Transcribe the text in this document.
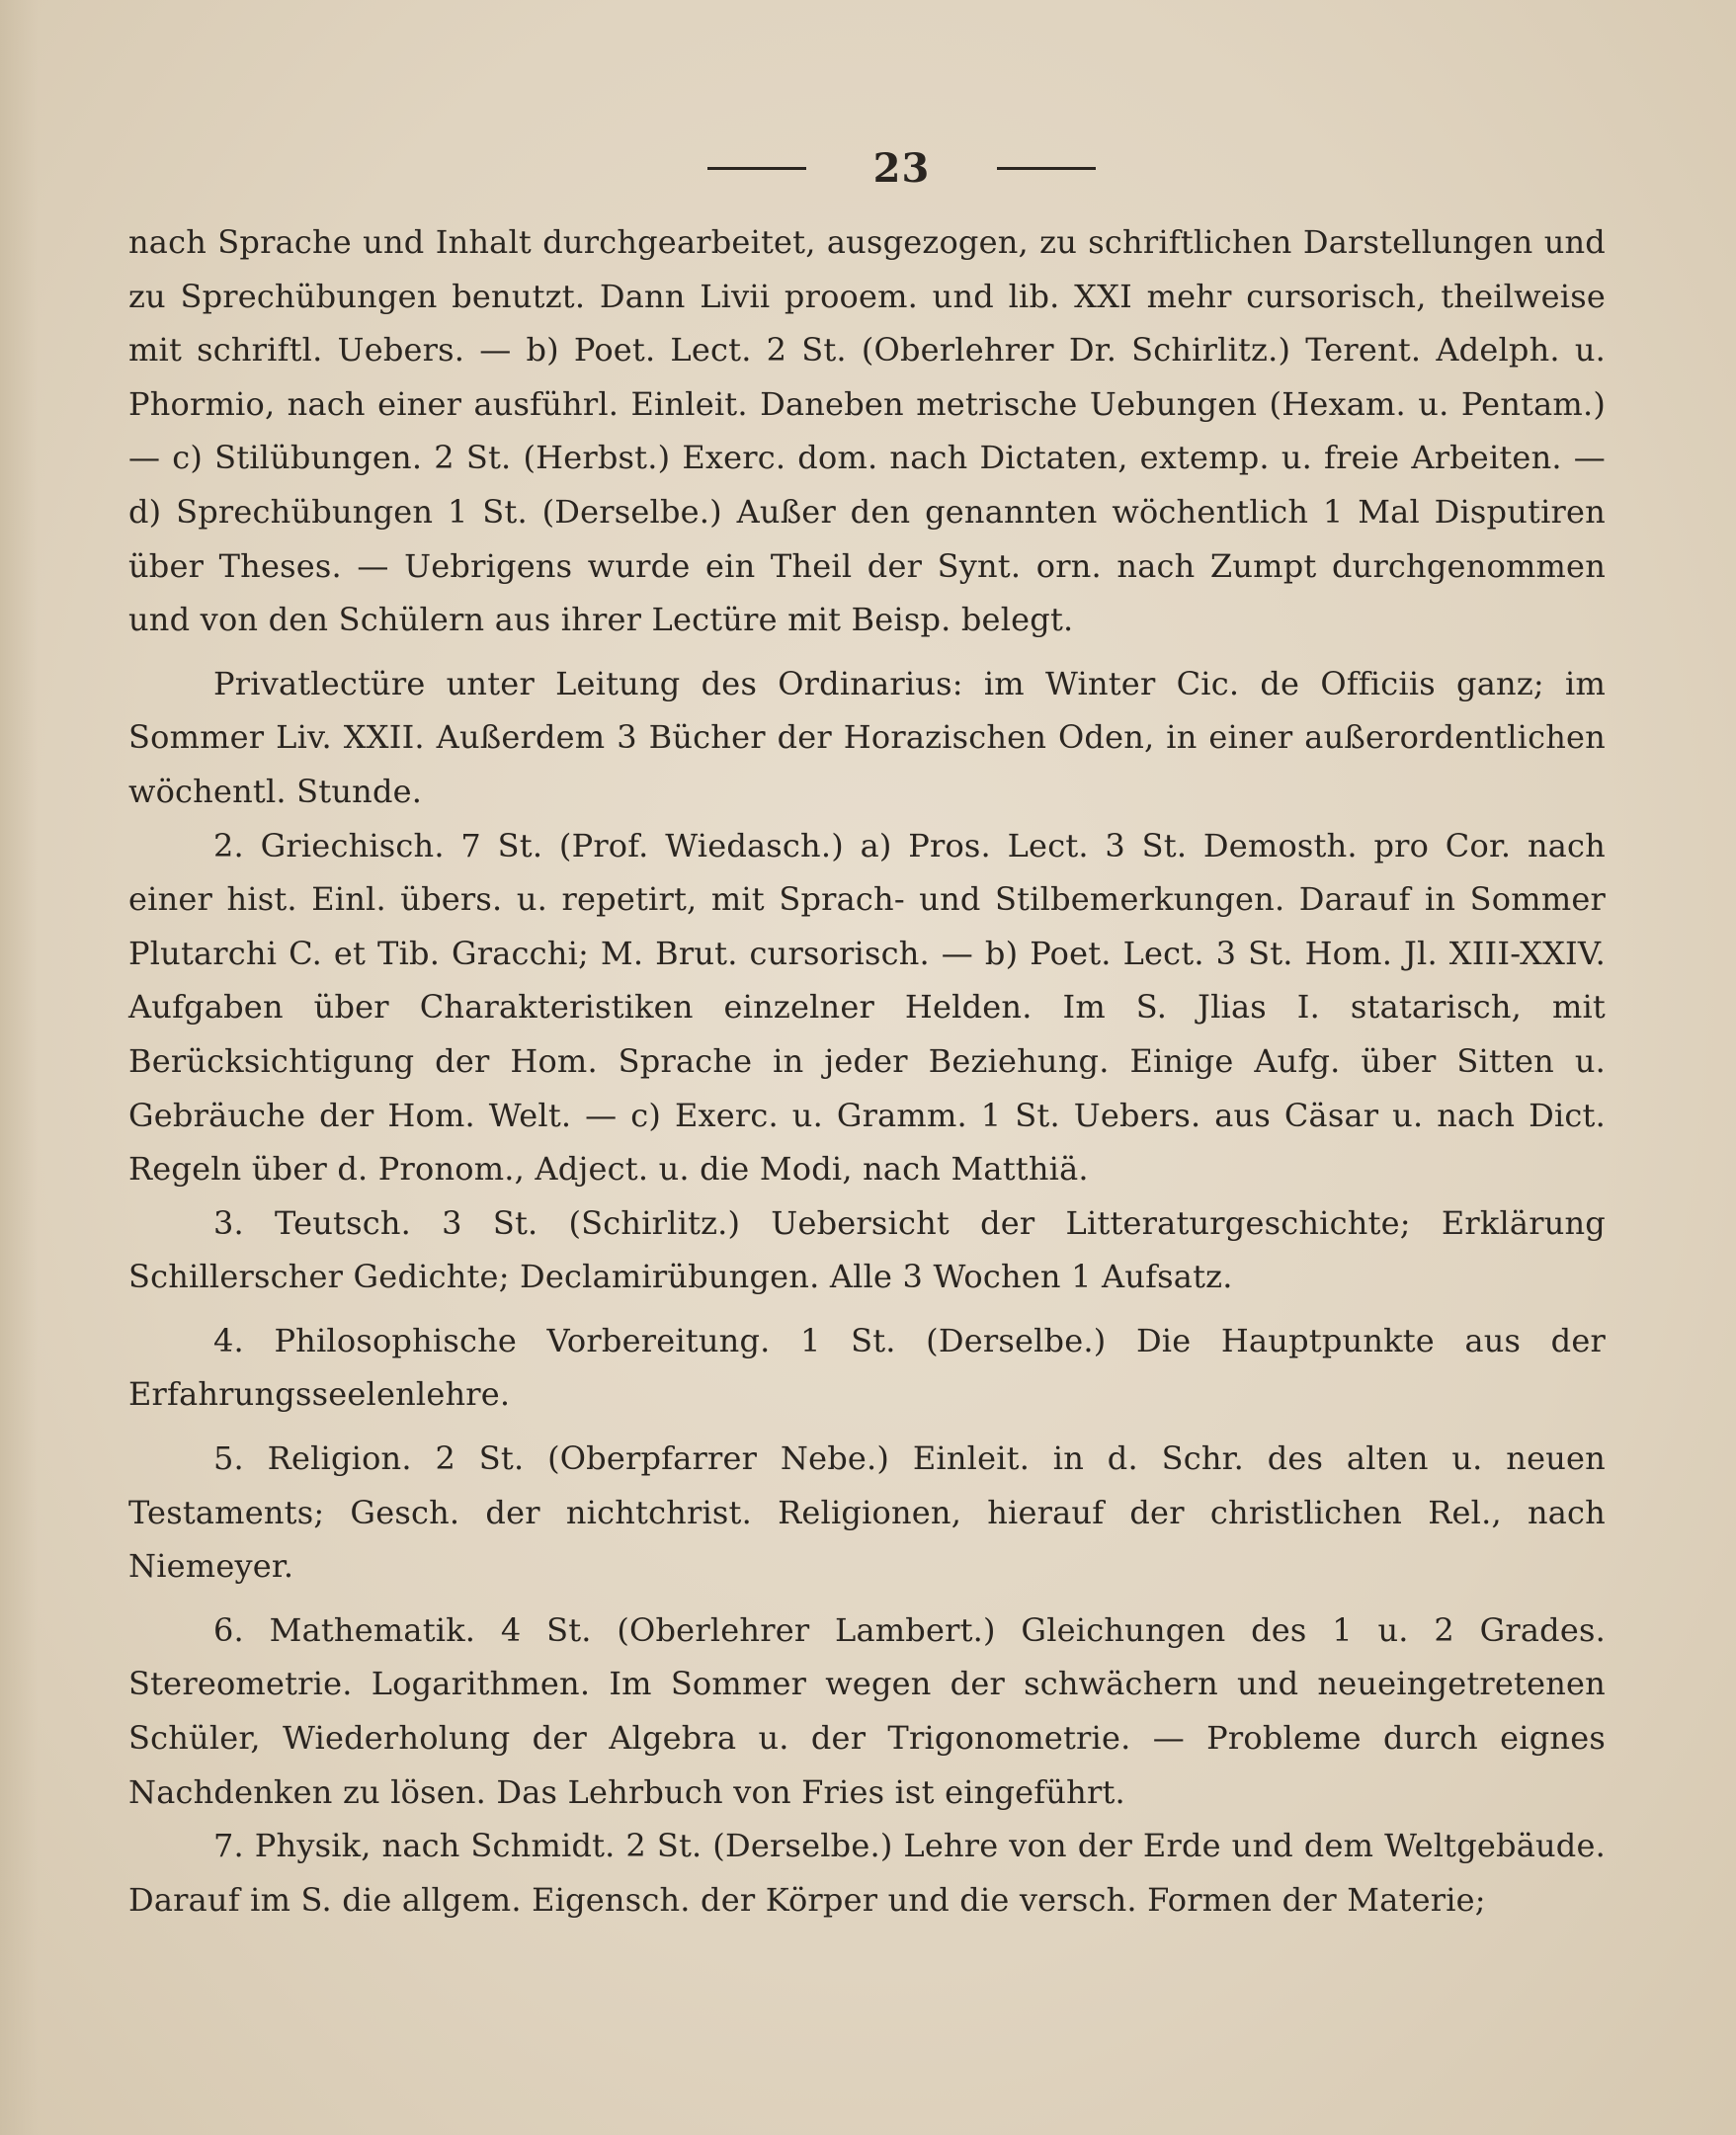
23

nach Sprache und Inhalt durchgearbeitet, ausgezogen, zu schriftlichen Darstellungen und zu Sprechübungen benutzt. Dann Livii prooem. und lib. XXI mehr cursorisch, theilweise mit schriftl. Uebers. — b) Poet. Lect. 2 St. (Oberlehrer Dr. Schirlitz.) Terent. Adelph. u. Phormio, nach einer ausführl. Einleit. Daneben metrische Uebungen (Hexam. u. Pentam.) — c) Stilübungen. 2 St. (Herbst.) Exerc. dom. nach Dictaten, extemp. u. freie Arbeiten. — d) Sprechübungen 1 St. (Derselbe.) Außer den genannten wöchentlich 1 Mal Disputiren über Theses. — Uebrigens wurde ein Theil der Synt. orn. nach Zumpt durchgenommen und von den Schülern aus ihrer Lectüre mit Beisp. belegt.

Privatlectüre unter Leitung des Ordinarius: im Winter Cic. de Officiis ganz; im Sommer Liv. XXII. Außerdem 3 Bücher der Horazischen Oden, in einer außerordentlichen wöchentl. Stunde.

2. Griechisch. 7 St. (Prof. Wiedasch.) a) Pros. Lect. 3 St. Demosth. pro Cor. nach einer hist. Einl. übers. u. repetirt, mit Sprach- und Stilbemerkungen. Darauf in Sommer Plutarchi C. et Tib. Gracchi; M. Brut. cursorisch. — b) Poet. Lect. 3 St. Hom. Jl. XIII-XXIV. Aufgaben über Charakteristiken einzelner Helden. Im S. Jlias I. statarisch, mit Berücksichtigung der Hom. Sprache in jeder Beziehung. Einige Aufg. über Sitten u. Gebräuche der Hom. Welt. — c) Exerc. u. Gramm. 1 St. Uebers. aus Cäsar u. nach Dict. Regeln über d. Pronom., Adject. u. die Modi, nach Matthiä.

3. Teutsch. 3 St. (Schirlitz.) Uebersicht der Litteraturgeschichte; Erklärung Schillerscher Gedichte; Declamirübungen. Alle 3 Wochen 1 Aufsatz.

4. Philosophische Vorbereitung. 1 St. (Derselbe.) Die Hauptpunkte aus der Erfahrungsseelenlehre.

5. Religion. 2 St. (Oberpfarrer Nebe.) Einleit. in d. Schr. des alten u. neuen Testaments; Gesch. der nichtchrist. Religionen, hierauf der christlichen Rel., nach Niemeyer.

6. Mathematik. 4 St. (Oberlehrer Lambert.) Gleichungen des 1 u. 2 Grades. Stereometrie. Logarithmen. Im Sommer wegen der schwächern und neueingetretenen Schüler, Wiederholung der Algebra u. der Trigonometrie. — Probleme durch eignes Nachdenken zu lösen. Das Lehrbuch von Fries ist eingeführt.

7. Physik, nach Schmidt. 2 St. (Derselbe.) Lehre von der Erde und dem Weltgebäude. Darauf im S. die allgem. Eigensch. der Körper und die versch. Formen der Materie;
